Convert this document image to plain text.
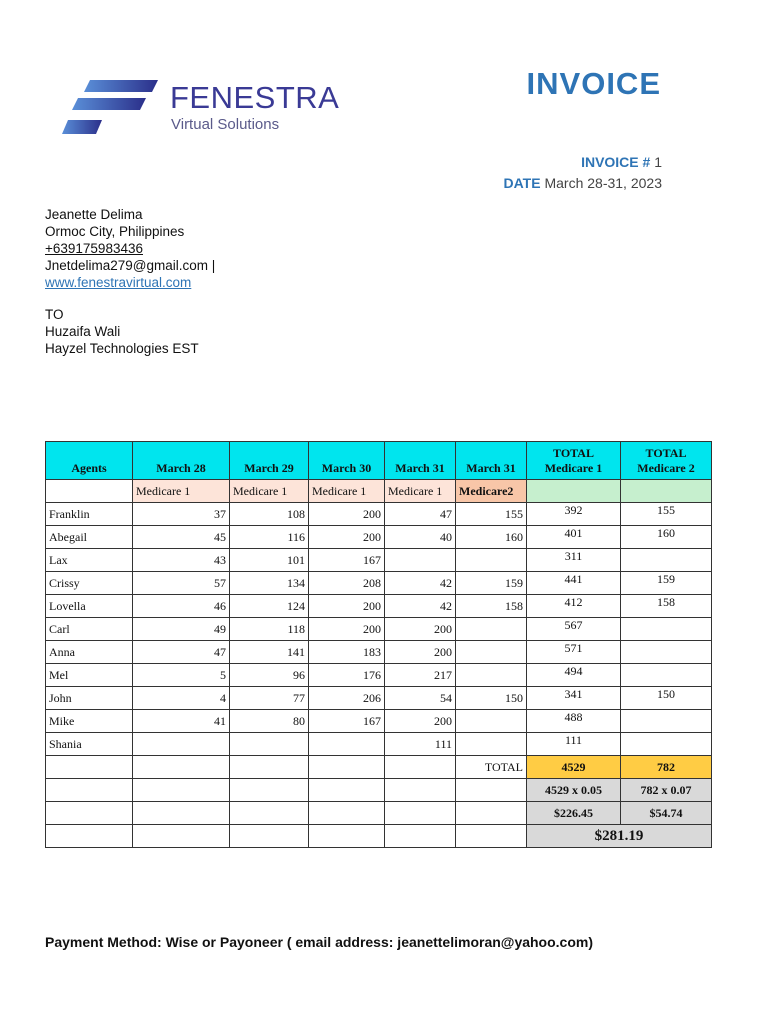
FENESTRA
Virtual Solutions
INVOICE
INVOICE # 1
DATE March 28-31, 2023
Jeanette Delima
Ormoc City, Philippines
+639175983436
Jnetdelima279@gmail.com |
www.fenestravirtual.com
TO
Huzaifa Wali
Hayzel Technologies EST
Agents	March 28	March 29	March 30	March 31	March 31	TOTAL Medicare 1	TOTAL Medicare 2
	Medicare 1	Medicare 1	Medicare 1	Medicare 1	Medicare2		
Franklin	37	108	200	47	155	392	155
Abegail	45	116	200	40	160	401	160
Lax	43	101	167			311	
Crissy	57	134	208	42	159	441	159
Lovella	46	124	200	42	158	412	158
Carl	49	118	200	200		567	
Anna	47	141	183	200		571	
Mel	5	96	176	217		494	
John	4	77	206	54	150	341	150
Mike	41	80	167	200		488	
Shania				111		111	
					TOTAL	4529	782
						4529 x 0.05	782 x 0.07
						$226.45	$54.74
						$281.19	
Payment Method: Wise or Payoneer ( email address: jeanettelimoran@yahoo.com)
